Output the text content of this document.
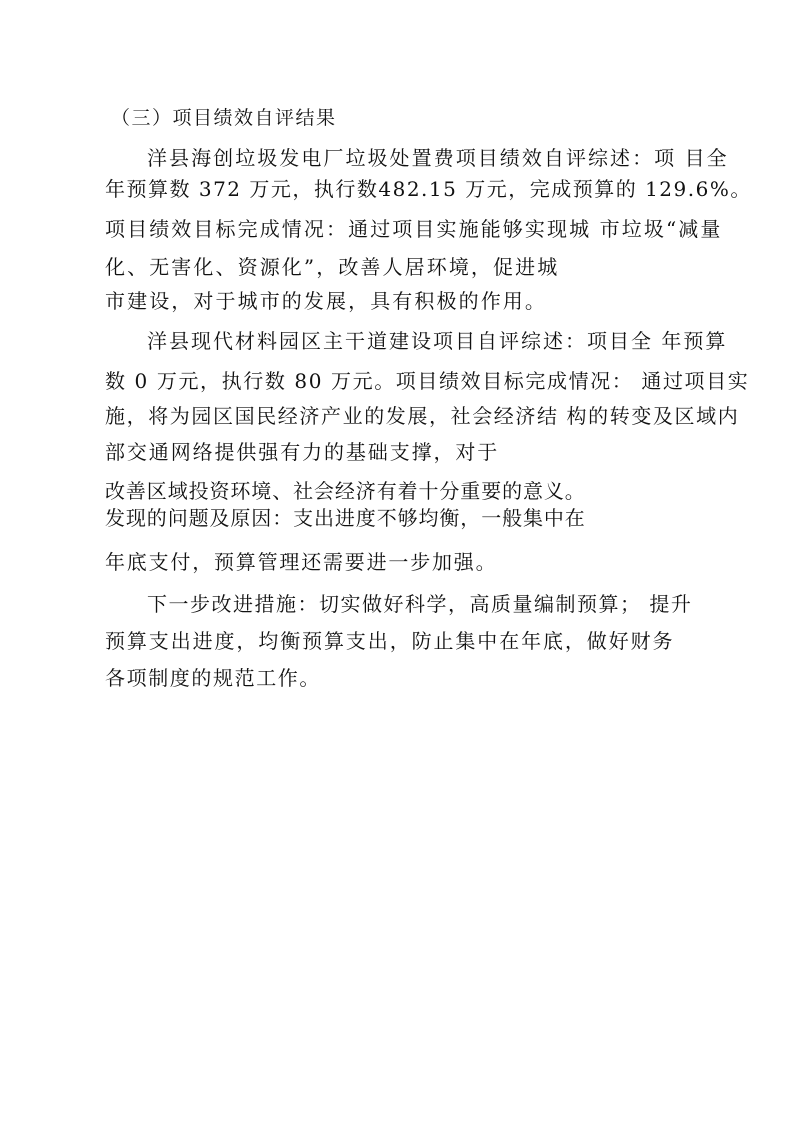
（三）项目绩效自评结果

洋县海创垃圾发电厂垃圾处置费项目绩效自评综述：项 目全

年预算数 372 万元，执行数482.15 万元，完成预算的 129.6%。

项目绩效目标完成情况：通过项目实施能够实现城 市垃圾“减量

化、无害化、资源化”，改善人居环境，促进城

市建设，对于城市的发展，具有积极的作用。

洋县现代材料园区主干道建设项目自评综述：项目全 年预算

数 0 万元，执行数 80 万元。项目绩效目标完成情况： 通过项目实

施，将为园区国民经济产业的发展，社会经济结 构的转变及区域内

部交通网络提供强有力的基础支撑，对于

改善区域投资环境、社会经济有着十分重要的意义。

发现的问题及原因：支出进度不够均衡，一般集中在

年底支付，预算管理还需要进一步加强。

下一步改进措施：切实做好科学，高质量编制预算； 提升

预算支出进度，均衡预算支出，防止集中在年底，做好财务

各项制度的规范工作。
